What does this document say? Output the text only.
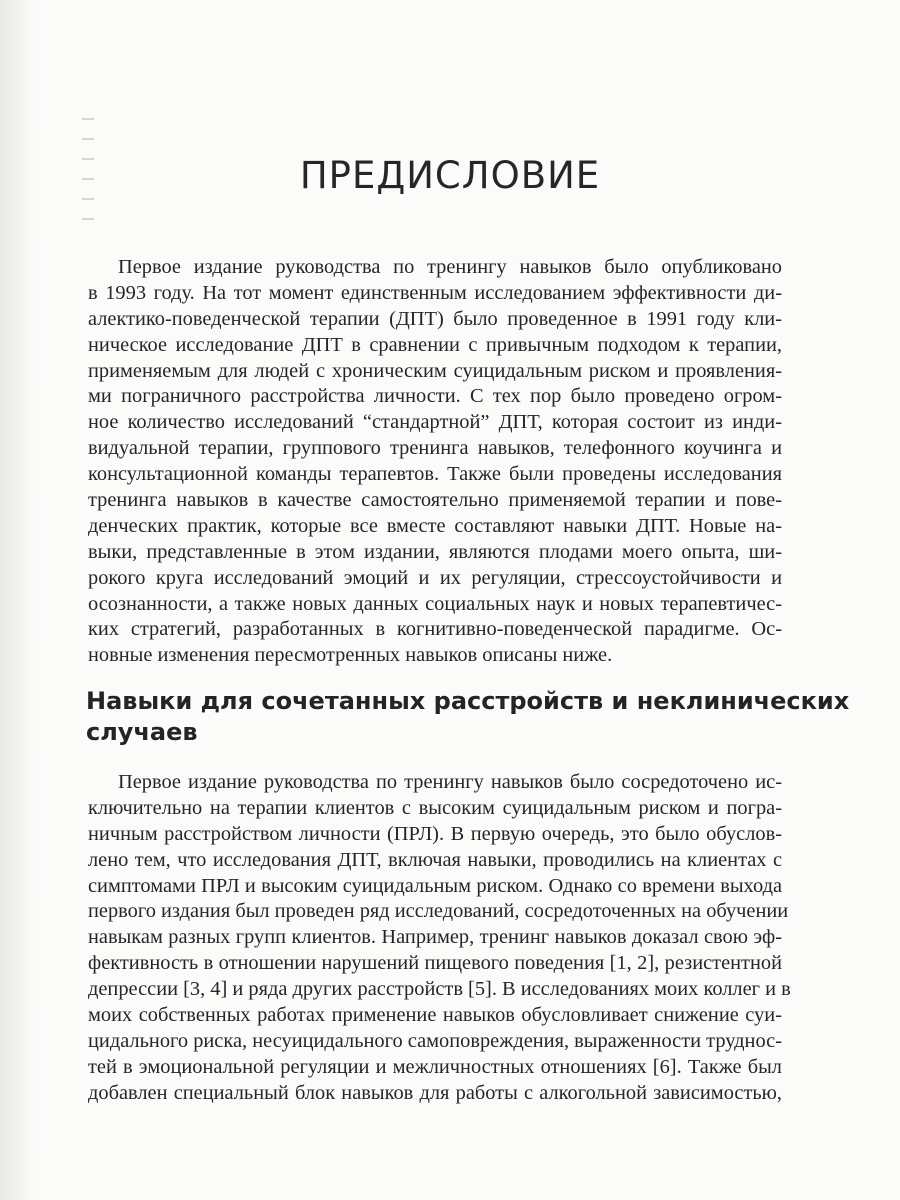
ПРЕДИСЛОВИЕ
Первое издание руководства по тренингу навыков было опубликовано
в 1993 году. На тот момент единственным исследованием эффективности ди-
алектико-поведенческой терапии (ДПТ) было проведенное в 1991 году кли-
ническое исследование ДПТ в сравнении с привычным подходом к терапии,
применяемым для людей с хроническим суицидальным риском и проявления-
ми пограничного расстройства личности. С тех пор было проведено огром-
ное количество исследований “стандартной” ДПТ, которая состоит из инди-
видуальной терапии, группового тренинга навыков, телефонного коучинга и
консультационной команды терапевтов. Также были проведены исследования
тренинга навыков в качестве самостоятельно применяемой терапии и пове-
денческих практик, которые все вместе составляют навыки ДПТ. Новые на-
выки, представленные в этом издании, являются плодами моего опыта, ши-
рокого круга исследований эмоций и их регуляции, стрессоустойчивости и
осознанности, а также новых данных социальных наук и новых терапевтичес-
ких стратегий, разработанных в когнитивно-поведенческой парадигме. Ос-
новные изменения пересмотренных навыков описаны ниже.
Навыки для сочетанных расстройств и неклинических
случаев
Первое издание руководства по тренингу навыков было сосредоточено ис-
ключительно на терапии клиентов с высоким суицидальным риском и погра-
ничным расстройством личности (ПРЛ). В первую очередь, это было обуслов-
лено тем, что исследования ДПТ, включая навыки, проводились на клиентах с
симптомами ПРЛ и высоким суицидальным риском. Однако со времени выхода
первого издания был проведен ряд исследований, сосредоточенных на обучении
навыкам разных групп клиентов. Например, тренинг навыков доказал свою эф-
фективность в отношении нарушений пищевого поведения [1, 2], резистентной
депрессии [3, 4] и ряда других расстройств [5]. В исследованиях моих коллег и в
моих собственных работах применение навыков обусловливает снижение суи-
цидального риска, несуицидального самоповреждения, выраженности труднос-
тей в эмоциональной регуляции и межличностных отношениях [6]. Также был
добавлен специальный блок навыков для работы с алкогольной зависимостью,
